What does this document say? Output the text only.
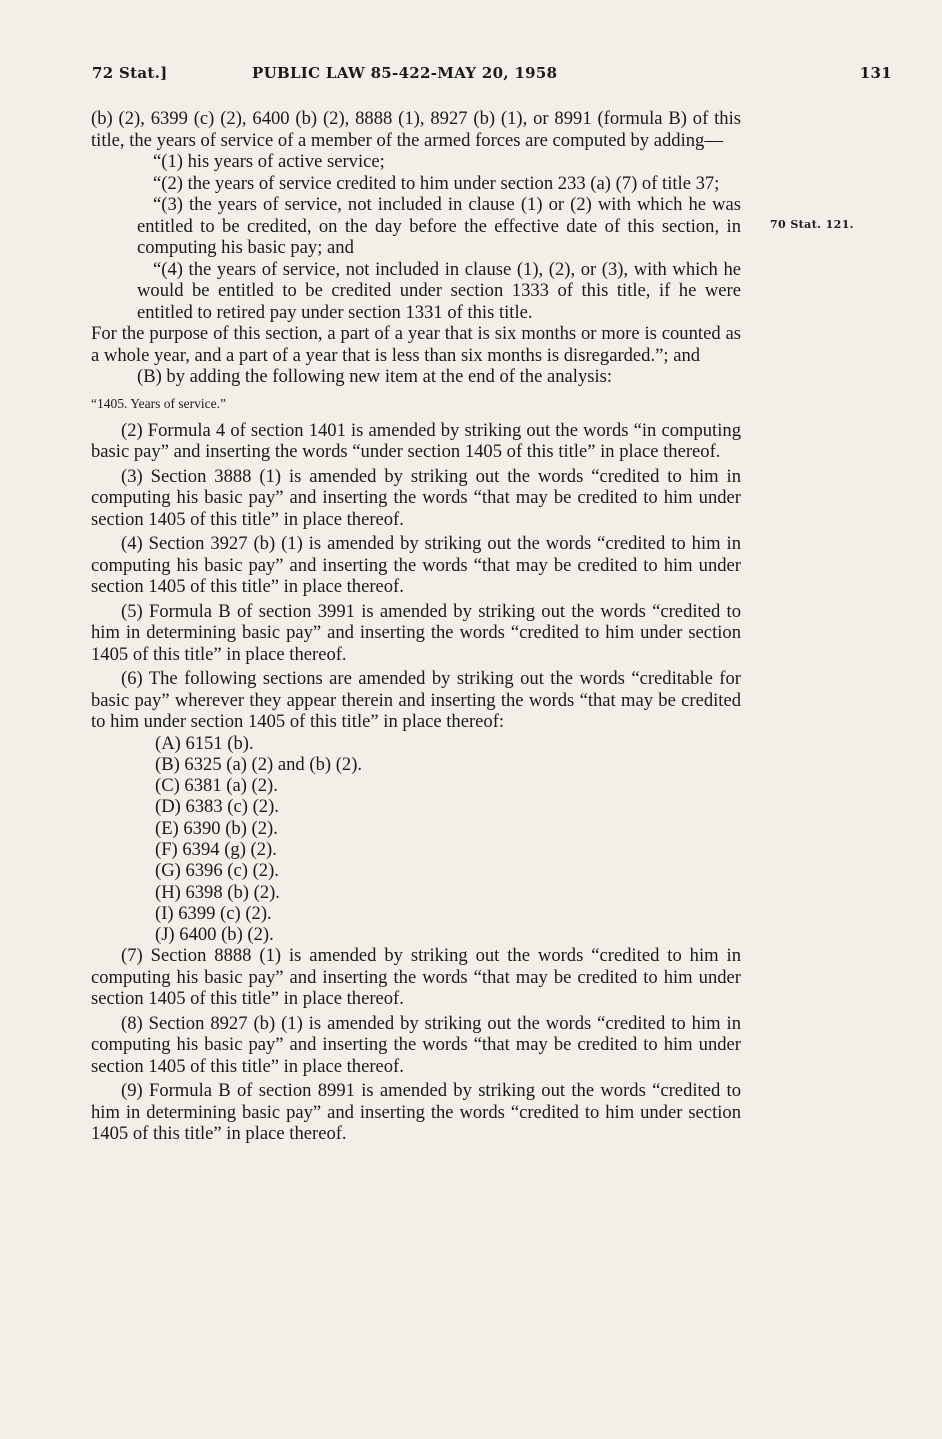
72 Stat.]	PUBLIC LAW 85-422-MAY 20, 1958	131
70 Stat. 121.

(b) (2), 6399 (c) (2), 6400 (b) (2), 8888 (1), 8927 (b) (1), or 8991 (formula B) of this title, the years of service of a member of the armed forces are computed by adding—

“(1) his years of active service;

“(2) the years of service credited to him under section 233 (a) (7) of title 37;

“(3) the years of service, not included in clause (1) or (2) with which he was entitled to be credited, on the day before the effective date of this section, in computing his basic pay; and

“(4) the years of service, not included in clause (1), (2), or (3), with which he would be entitled to be credited under section 1333 of this title, if he were entitled to retired pay under section 1331 of this title.

For the purpose of this section, a part of a year that is six months or more is counted as a whole year, and a part of a year that is less than six months is disregarded.”; and

(B) by adding the following new item at the end of the analysis:

“1405. Years of service.”

(2) Formula 4 of section 1401 is amended by striking out the words “in computing basic pay” and inserting the words “under section 1405 of this title” in place thereof.

(3) Section 3888 (1) is amended by striking out the words “credited to him in computing his basic pay” and inserting the words “that may be credited to him under section 1405 of this title” in place thereof.

(4) Section 3927 (b) (1) is amended by striking out the words “credited to him in computing his basic pay” and inserting the words “that may be credited to him under section 1405 of this title” in place thereof.

(5) Formula B of section 3991 is amended by striking out the words “credited to him in determining basic pay” and inserting the words “credited to him under section 1405 of this title” in place thereof.

(6) The following sections are amended by striking out the words “creditable for basic pay” wherever they appear therein and inserting the words “that may be credited to him under section 1405 of this title” in place thereof:

(A) 6151 (b).

(B) 6325 (a) (2) and (b) (2).

(C) 6381 (a) (2).

(D) 6383 (c) (2).

(E) 6390 (b) (2).

(F) 6394 (g) (2).

(G) 6396 (c) (2).

(H) 6398 (b) (2).

(I) 6399 (c) (2).

(J) 6400 (b) (2).

(7) Section 8888 (1) is amended by striking out the words “credited to him in computing his basic pay” and inserting the words “that may be credited to him under section 1405 of this title” in place thereof.

(8) Section 8927 (b) (1) is amended by striking out the words “credited to him in computing his basic pay” and inserting the words “that may be credited to him under section 1405 of this title” in place thereof.

(9) Formula B of section 8991 is amended by striking out the words “credited to him in determining basic pay” and inserting the words “credited to him under section 1405 of this title” in place thereof.
